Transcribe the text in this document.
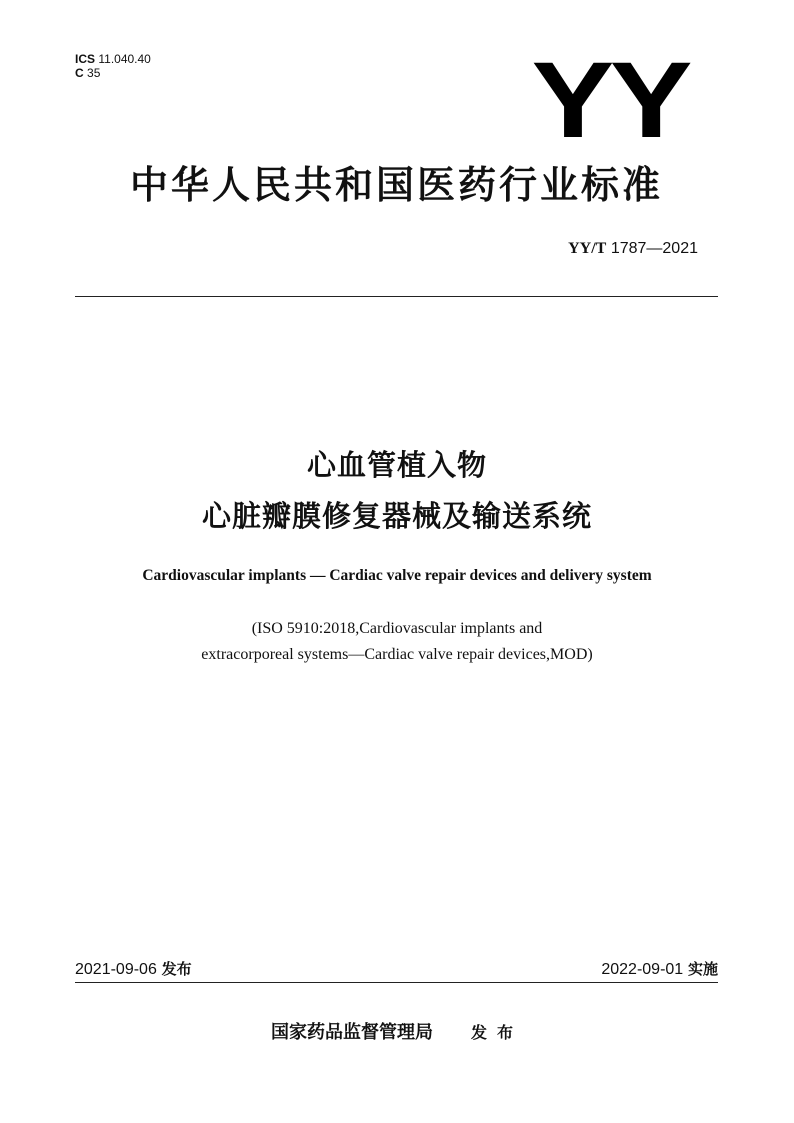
ICS 11.040.40
C 35	YY
中华人民共和国医药行业标准
YY/T 1787—2021
心血管植入物
心脏瓣膜修复器械及输送系统
Cardiovascular implants — Cardiac valve repair devices and delivery system
(ISO 5910:2018,Cardiovascular implants and
extracorporeal systems—Cardiac valve repair devices,MOD)
2021-09-06 发布	2022-09-01 实施
国家药品监督管理局 发布
